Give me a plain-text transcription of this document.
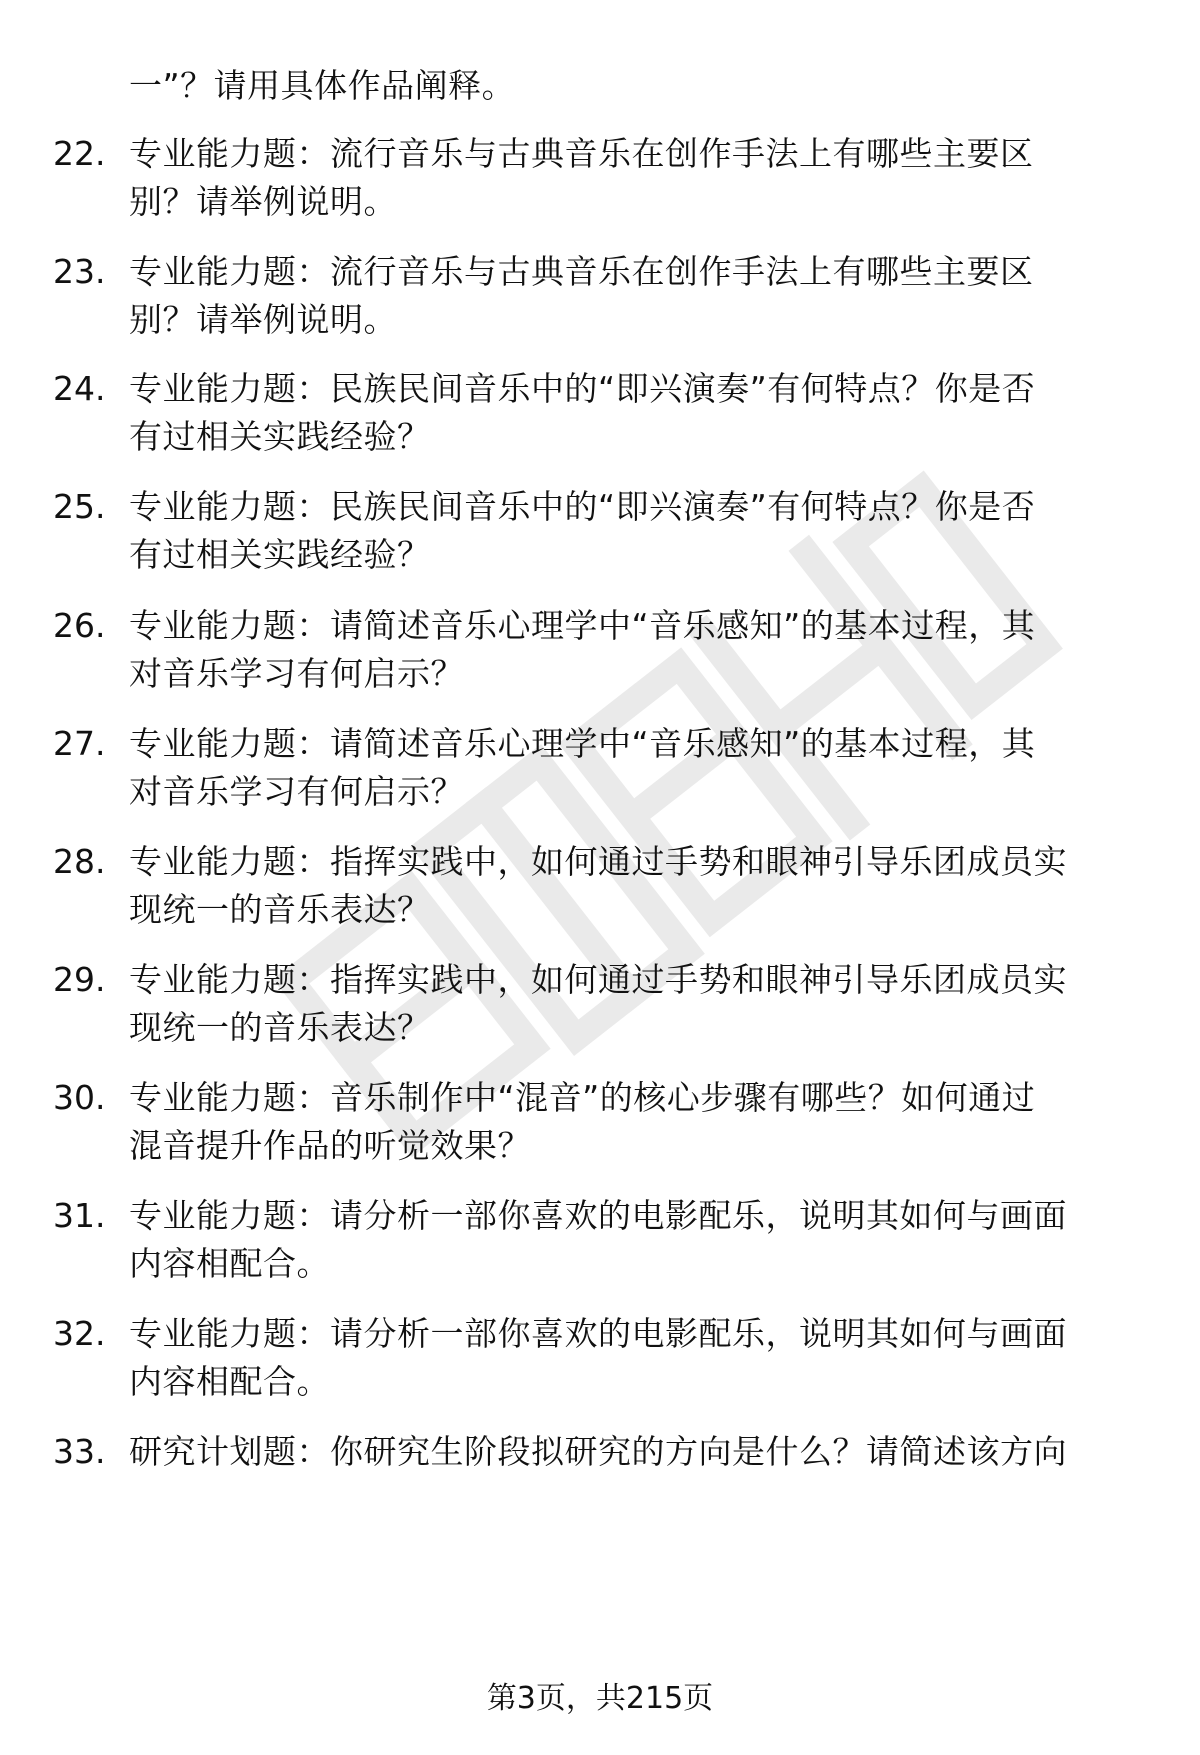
一”？请用具体作品阐释。
22. 专业能力题：流行音乐与古典音乐在创作手法上有哪些主要区
别？请举例说明。
23. 专业能力题：流行音乐与古典音乐在创作手法上有哪些主要区
别？请举例说明。
24. 专业能力题：民族民间音乐中的“即兴演奏”有何特点？你是否
有过相关实践经验？
25. 专业能力题：民族民间音乐中的“即兴演奏”有何特点？你是否
有过相关实践经验？
26. 专业能力题：请简述音乐心理学中“音乐感知”的基本过程，其
对音乐学习有何启示？
27. 专业能力题：请简述音乐心理学中“音乐感知”的基本过程，其
对音乐学习有何启示？
28. 专业能力题：指挥实践中，如何通过手势和眼神引导乐团成员实
现统一的音乐表达？
29. 专业能力题：指挥实践中，如何通过手势和眼神引导乐团成员实
现统一的音乐表达？
30. 专业能力题：音乐制作中“混音”的核心步骤有哪些？如何通过
混音提升作品的听觉效果？
31. 专业能力题：请分析一部你喜欢的电影配乐，说明其如何与画面
内容相配合。
32. 专业能力题：请分析一部你喜欢的电影配乐，说明其如何与画面
内容相配合。
33. 研究计划题：你研究生阶段拟研究的方向是什么？请简述该方向
第3页，共215页
